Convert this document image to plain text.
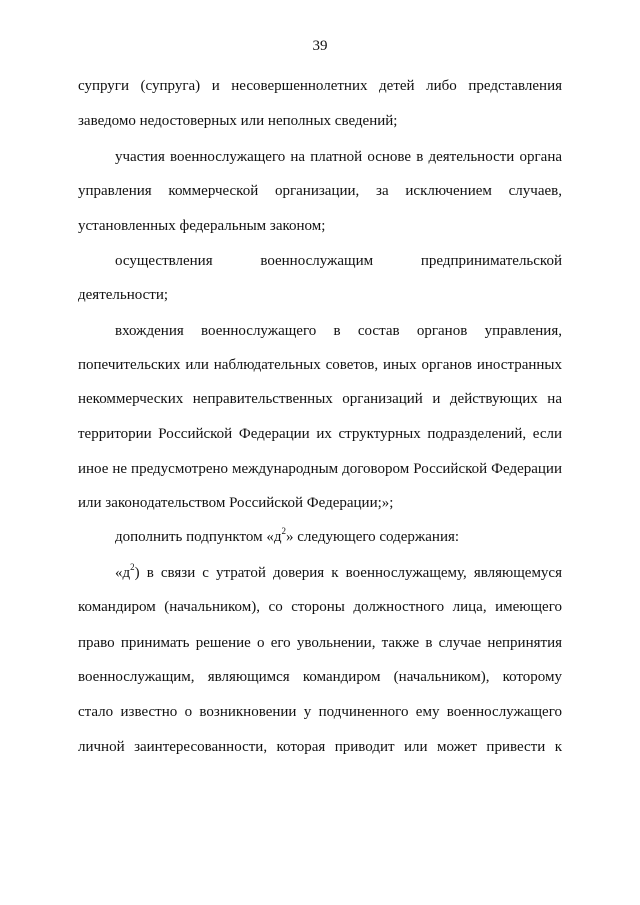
39
супруги (супруга) и несовершеннолетних детей либо представления
заведомо недостоверных или неполных сведений;
участия военнослужащего на платной основе в деятельности органа
управления коммерческой организации, за исключением случаев,
установленных федеральным законом;
осуществления военнослужащим предпринимательской
деятельности;
вхождения военнослужащего в состав органов управления,
попечительских или наблюдательных советов, иных органов иностранных
некоммерческих неправительственных организаций и действующих на
территории Российской Федерации их структурных подразделений, если
иное не предусмотрено международным договором Российской Федерации
или законодательством Российской Федерации;»;
дополнить подпунктом «$д^2$» следующего содержания:
«$д^2$) в связи с утратой доверия к военнослужащему, являющемуся
командиром (начальником), со стороны должностного лица, имеющего
право принимать решение о его увольнении, также в случае непринятия
военнослужащим, являющимся командиром (начальником), которому
стало известно о возникновении у подчиненного ему военнослужащего
личной заинтересованности, которая приводит или может привести к
